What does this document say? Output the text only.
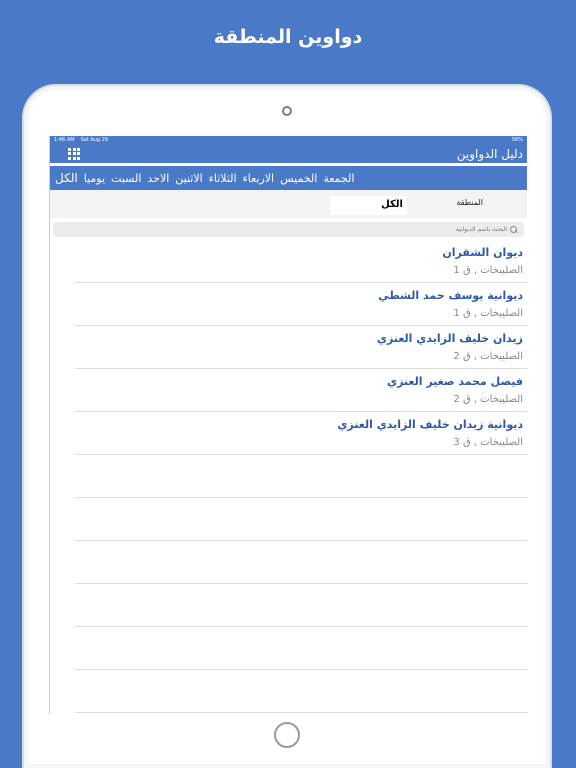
دواوين المنطقة
1:46 AM Sat Aug 29	56%
دليل الدواوين
الكل يوميا السبت الاحد الاثنين الثلاثاء الاربعاء الخميس الجمعة
الكل	المنطقة
البحث باسم الديوانية
ديوان الشقران
الصليبخات , ق 1
ديوانية يوسف حمد الشطي
الصليبخات , ق 1
زيدان خليف الزايدي العنزي
الصليبخات , ق 2
فيصل محمد صغير العنزي
الصليبخات , ق 2
ديوانية زيدان خليف الزايدي العنزي
الصليبخات , ق 3
